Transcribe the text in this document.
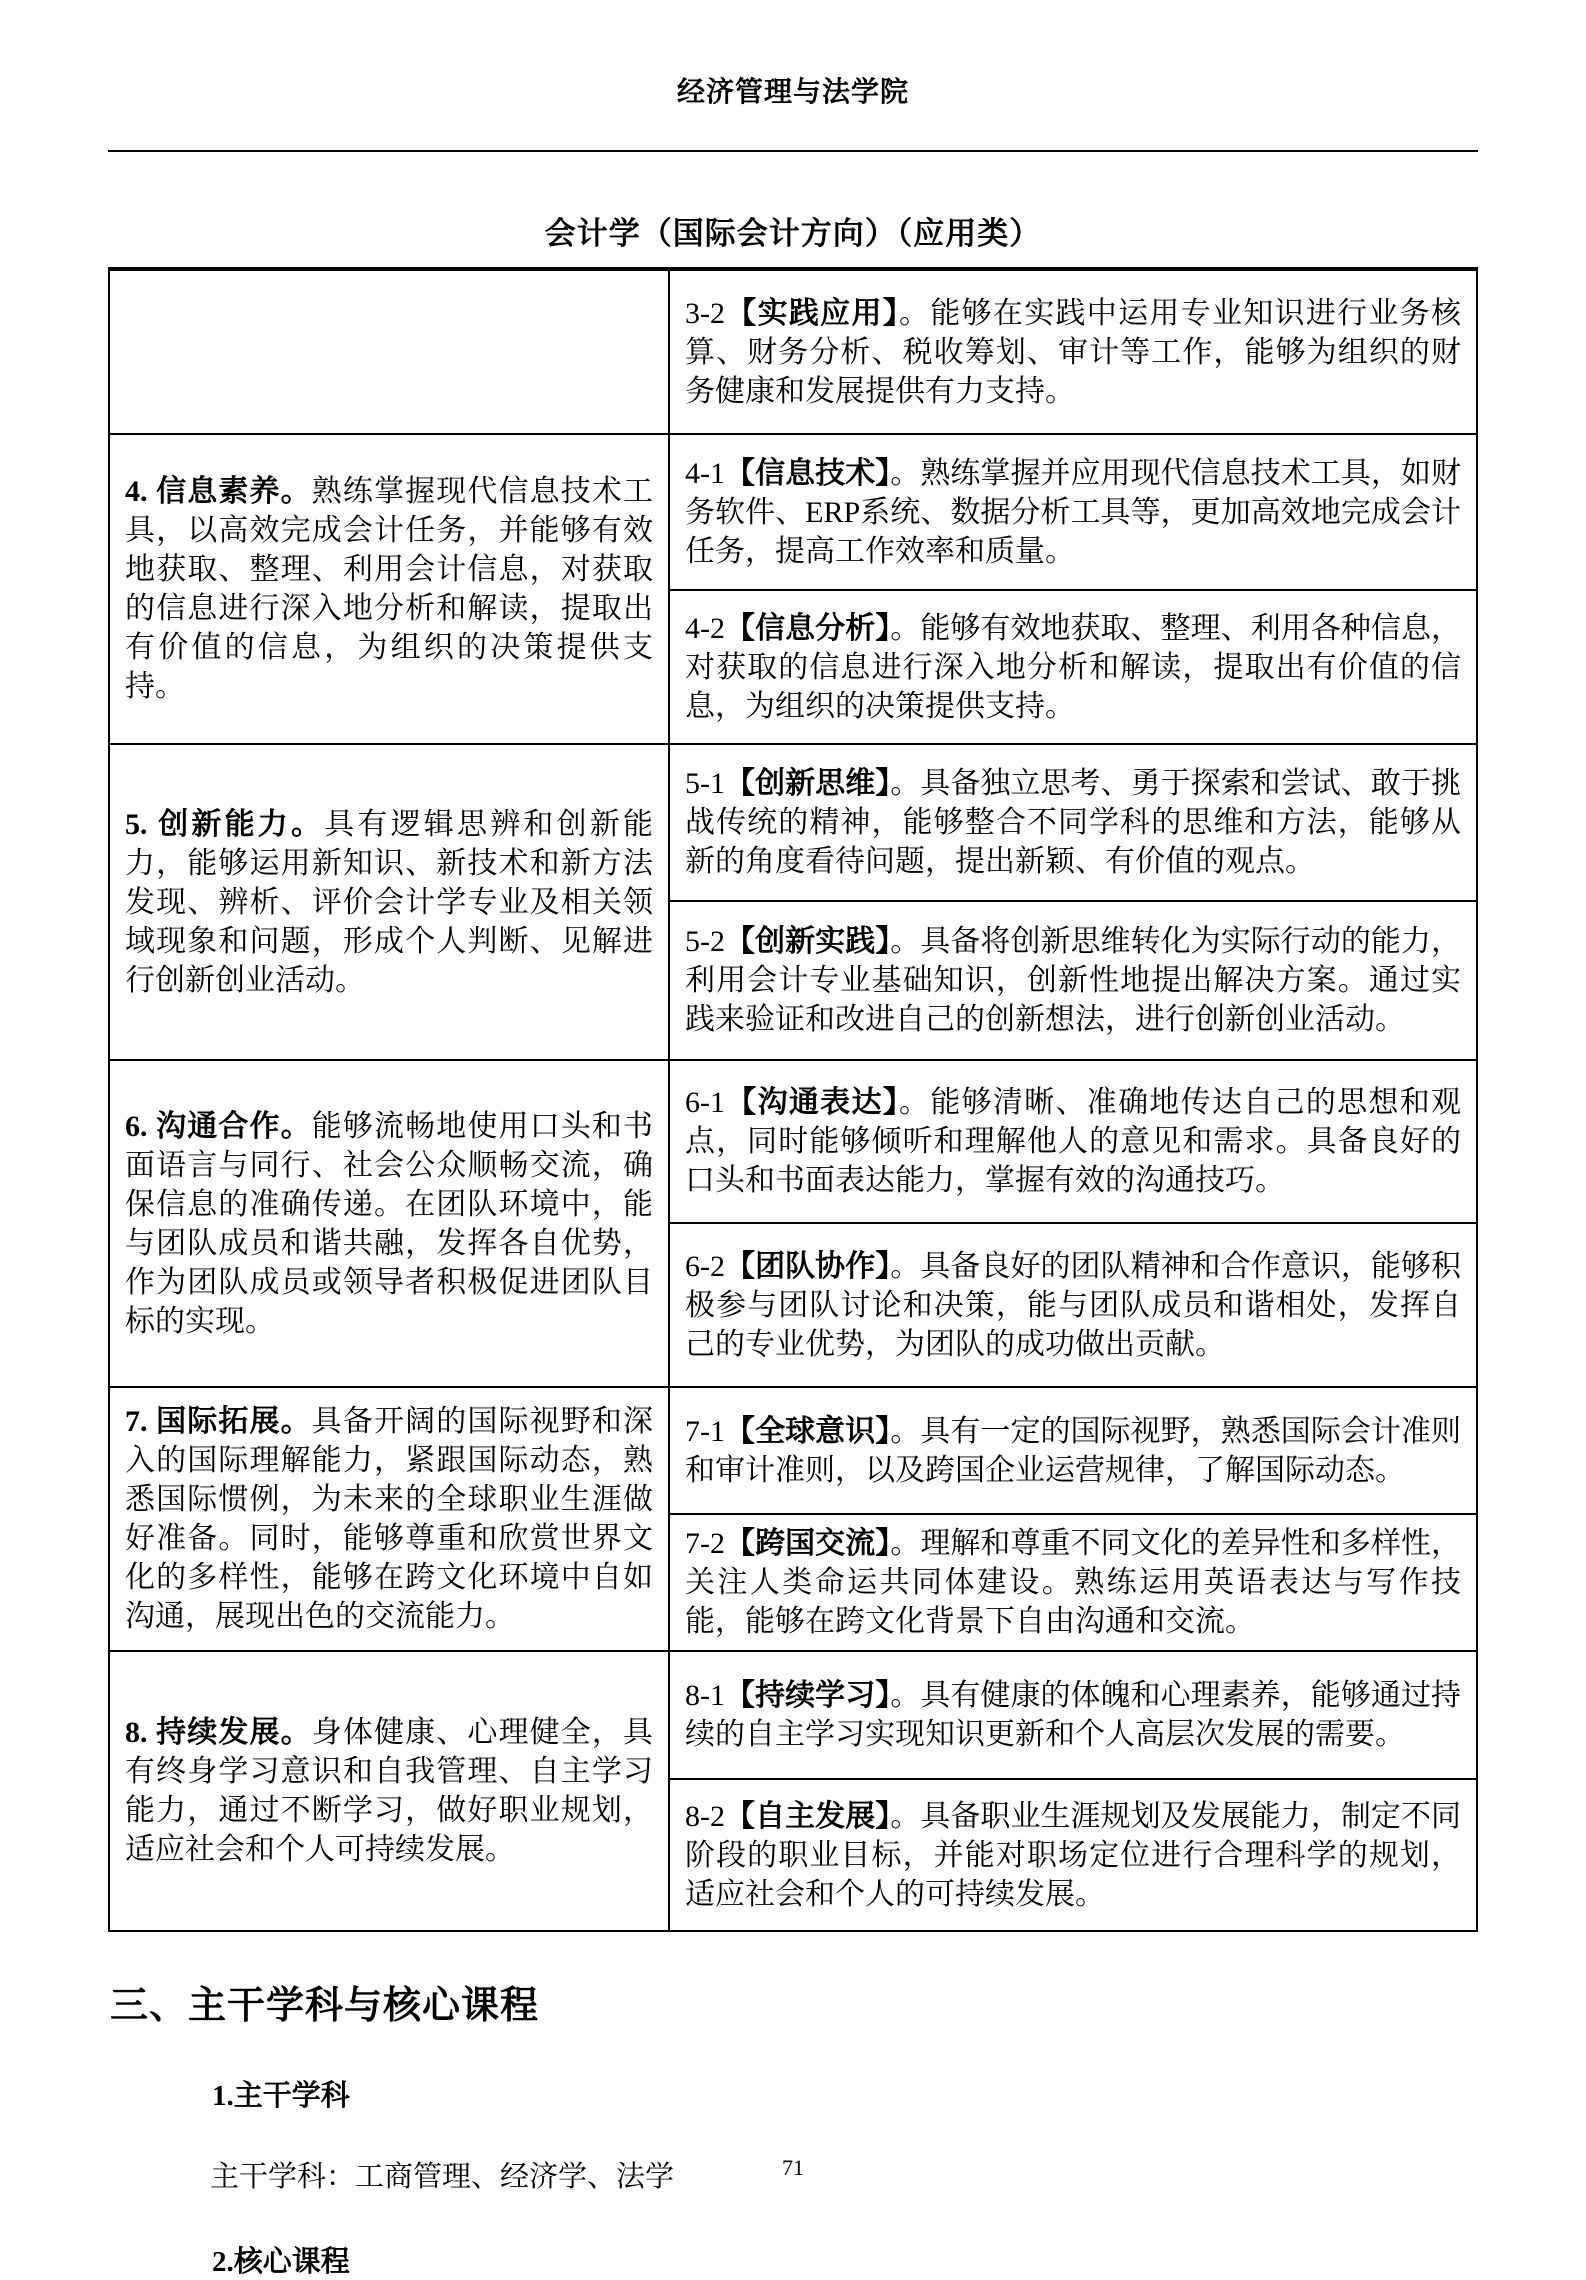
经济管理与法学院
会计学（国际会计方向）（应用类）
	3-2【实践应用】。能够在实践中运用专业知识进行业务核算、财务分析、税收筹划、审计等工作，能够为组织的财务健康和发展提供有力支持。
4. 信息素养。熟练掌握现代信息技术工具，以高效完成会计任务，并能够有效地获取、整理、利用会计信息，对获取的信息进行深入地分析和解读，提取出有价值的信息，为组织的决策提供支持。	4-1【信息技术】。熟练掌握并应用现代信息技术工具，如财务软件、ERP系统、数据分析工具等，更加高效地完成会计任务，提高工作效率和质量。
	4-2【信息分析】。能够有效地获取、整理、利用各种信息，对获取的信息进行深入地分析和解读，提取出有价值的信息，为组织的决策提供支持。
5. 创新能力。具有逻辑思辨和创新能力，能够运用新知识、新技术和新方法发现、辨析、评价会计学专业及相关领域现象和问题，形成个人判断、见解进行创新创业活动。	5-1【创新思维】。具备独立思考、勇于探索和尝试、敢于挑战传统的精神，能够整合不同学科的思维和方法，能够从新的角度看待问题，提出新颖、有价值的观点。
	5-2【创新实践】。具备将创新思维转化为实际行动的能力，利用会计专业基础知识，创新性地提出解决方案。通过实践来验证和改进自己的创新想法，进行创新创业活动。
6. 沟通合作。能够流畅地使用口头和书面语言与同行、社会公众顺畅交流，确保信息的准确传递。在团队环境中，能与团队成员和谐共融，发挥各自优势，作为团队成员或领导者积极促进团队目标的实现。	6-1【沟通表达】。能够清晰、准确地传达自己的思想和观点，同时能够倾听和理解他人的意见和需求。具备良好的口头和书面表达能力，掌握有效的沟通技巧。
	6-2【团队协作】。具备良好的团队精神和合作意识，能够积极参与团队讨论和决策，能与团队成员和谐相处，发挥自己的专业优势，为团队的成功做出贡献。
7. 国际拓展。具备开阔的国际视野和深入的国际理解能力，紧跟国际动态，熟悉国际惯例，为未来的全球职业生涯做好准备。同时，能够尊重和欣赏世界文化的多样性，能够在跨文化环境中自如沟通，展现出色的交流能力。	7-1【全球意识】。具有一定的国际视野，熟悉国际会计准则和审计准则，以及跨国企业运营规律，了解国际动态。
	7-2【跨国交流】。理解和尊重不同文化的差异性和多样性，关注人类命运共同体建设。熟练运用英语表达与写作技能，能够在跨文化背景下自由沟通和交流。
8. 持续发展。身体健康、心理健全，具有终身学习意识和自我管理、自主学习能力，通过不断学习，做好职业规划，适应社会和个人可持续发展。	8-1【持续学习】。具有健康的体魄和心理素养，能够通过持续的自主学习实现知识更新和个人高层次发展的需要。
	8-2【自主发展】。具备职业生涯规划及发展能力，制定不同阶段的职业目标，并能对职场定位进行合理科学的规划，适应社会和个人的可持续发展。
三、主干学科与核心课程
1.主干学科
主干学科：工商管理、经济学、法学
2.核心课程
71
